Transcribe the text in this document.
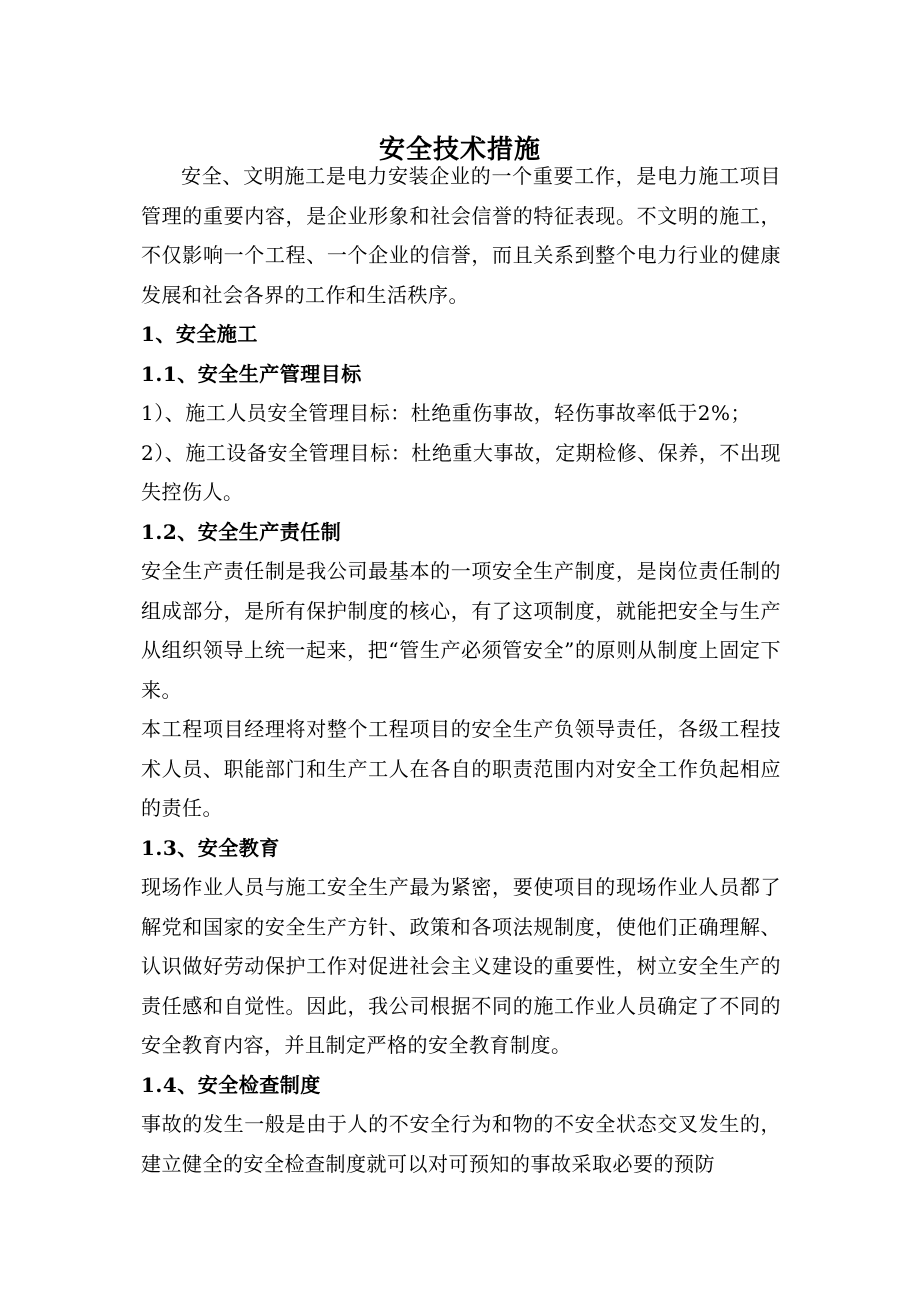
安全技术措施

安全、文明施工是电力安装企业的一个重要工作，是电力施工项目管理的重要内容，是企业形象和社会信誉的特征表现。不文明的施工，不仅影响一个工程、一个企业的信誉，而且关系到整个电力行业的健康发展和社会各界的工作和生活秩序。

1、安全施工

1.1、安全生产管理目标

1）、施工人员安全管理目标：杜绝重伤事故，轻伤事故率低于2%；

2）、施工设备安全管理目标：杜绝重大事故，定期检修、保养，不出现失控伤人。

1.2、安全生产责任制

安全生产责任制是我公司最基本的一项安全生产制度，是岗位责任制的组成部分，是所有保护制度的核心，有了这项制度，就能把安全与生产从组织领导上统一起来，把“管生产必须管安全”的原则从制度上固定下来。

本工程项目经理将对整个工程项目的安全生产负领导责任，各级工程技术人员、职能部门和生产工人在各自的职责范围内对安全工作负起相应的责任。

1.3、安全教育

现场作业人员与施工安全生产最为紧密，要使项目的现场作业人员都了解党和国家的安全生产方针、政策和各项法规制度，使他们正确理解、认识做好劳动保护工作对促进社会主义建设的重要性，树立安全生产的责任感和自觉性。因此，我公司根据不同的施工作业人员确定了不同的安全教育内容，并且制定严格的安全教育制度。

1.4、安全检查制度

事故的发生一般是由于人的不安全行为和物的不安全状态交叉发生的，建立健全的安全检查制度就可以对可预知的事故采取必要的预防
